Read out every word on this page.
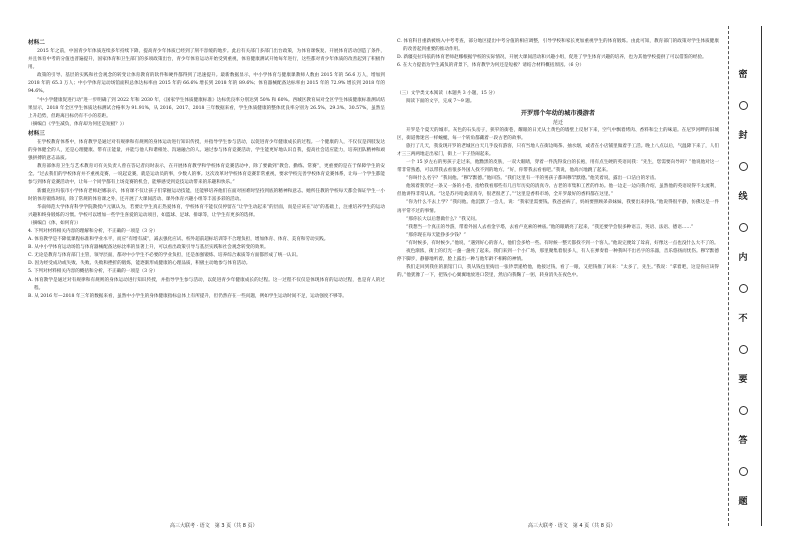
材料二

2015 年之前，中国青少年体质连续多年持续下降，提高青少年体质已经到了刻不容缓的地步。此后有关部门多部门出台政策，为体育课恢复、开展体育活动创造了条件，并且体育中考的分值也普遍提升，国家体育和卫生部门的多项政策出台，青少年体育运动开始受到重视，体育健康测试开始每年进行，这些都对青少年体质的改善起到了积极作用。

政策的引导、基层的实践和社会观念的转变让体育教育的软件和硬件都得到了迅速提升。最新数据显示，中小学体育与健康课教师人数由 2015 年的 56.6 万人，增加到 2018 年的 65.3 万人；中小学体育运动场馆面积总体达标率由 2015 年的 66.6% 增长到 2018 年的 89.6%；体育器械配备达标率由 2015 年的 72.9% 增长到 2018 年的 94.6%。

“中小学健康促进行动”进一步明确了到 2022 年和 2030 年，《国家学生体质健康标准》达标优良率分别达到 50% 和 60%。西城区教育局对全区学生体质健康标准测试结果显示，2018 年全区学生体质达标测试合格率为 91.91%，从 2016、2017、2018 三年数据来看，学生体质健康的整体优良率分别为 26.5%、29.3%、30.57%，虽然呈上升趋势，但距离目标仍有不小的差距。

（摘编自《学生减负，体育却为何还是短板？》）

材料三

在学校教育体系中，体育教学是通过对有规律和有规则的身体运动进行知识传授，并指导学生参与活动，以促进青少年健康成长的过程。一个健康的人，不仅仅是四肢发达的身体健全的人，还是心理健康、带有正能量，并能与他人和谐相处、沟通融合的人。通过参与体育竞赛活动，学生能更好地认识自我，提高社会适应能力，培养团队精神和顽强拼搏的意志品质。

教育部体育卫生与艺术教育司有关负责人曾在答记者问时表示，在开展体育教学和学校体育竞赛活动中，除了要做到“教会、勤练、常赛”，更重要的是在于保障学生的安全。“过去我们的学校体育并不重视竞赛，一说起竞赛，就是运动员的事，少数人的事。这次改革对学校体育竞赛非常重视，要求学校完善学校体育竞赛体系，让每一个学生都能参与到体育竞赛活动中，让每一个同学都有上场竞赛的机会，能够感受到竞技运动带来的乐趣和快乐。”

新疆克拉玛依市小学体育老师赵娜表示，体育课不仅让孩子们掌握运动技能，还能够培养他们在面对困难时坚持到底的精神和意志。她所任教的学校每天都会保证学生一小时的体育锻炼时间，除了常规的体育课之外，还开展了大课间活动、课外体育兴趣小组等丰富多彩的活动。

华南师范大学体育科学学院教授卢元镇认为，若要让学生真正热爱体育，学校体育不能仅仅停留在“让学生动起来”的层面，而是应该在“动”的基础上，注重培养学生的运动兴趣和终身锻炼的习惯。学校可以增加一些学生喜爱的运动项目，如篮球、足球、排球等，让学生有更多的选择。

（摘编自《体，如何育》）

4. 下列对材料相关内容的理解和分析，不正确的一项是（3 分）

A. 体育教学是不降低课程标准和学业水平，而应“有增有减”，减去强化应试、校外超前超标培训等不合理负担，增加体育、体育、美育和劳动实践。

B. 从中小学体育运动场馆与体育器械配备达标比率的显著上升，可以看出政策引导与基层实践和社会观念转变的效果。

C. 无论是教育与体育部门主管，领导层面，都对中小学生不必要的学业负担，还是加强锻炼、培养综合素质等方面都形成了统一认识。

D. 因为经受成功或失败、失败、失败和挫折的锻炼，能逐渐形成健康的心理品质，积极主动地参与体育活动。

5. 下列对材料相关内容的概括和分析，不正确的一项是（3 分）

A. 体育教学是通过对有规律和有规则的身体运动进行知识传授，并指导学生参与活动，以促进青少年健康成长的过程。这一过程不仅仅是体现体育的运动过程，也是育人的过程。

B. 从 2016 年—2018 年三年的数据来看，虽然中小学生的身体健康指标总体上有所提升，但仍然存在一些问题，例如学生运动时间不足，运动强度不够等。

C. 体育科目重新被纳入中考考查，部分地区提出中考分值的相应调整，引导学校和家长更加重视学生的体育锻炼。由此可知，教育部门的政策对学生体质健康的改善起到重要的推动作用。

D. 新疆克拉玛依的体育老师赵娜根据学校的实际情况，开展大课间活动和兴趣小组，促进了学生体育兴趣的培养，也为其他学校提供了可以借鉴的经验。

6. 在大力提倡为学生减负的背景下，体育教学为何还是短板？请结合材料概括原因。（6 分）

（三）文学类文本阅读（本题共 3 小题，15 分）

阅读下面的文字，完成 7～9 题。

开罗那个年幼的城市漫游者
范迁

开罗是个夏天的城市。灰色的石头房子，狭窄的街巷，耀眼的日光从土黄色的墙壁上反射下来，空气中飘着烤肉、香料和尘土的味道。在尼罗河畔的旧城区，街道像迷宫一样蜿蜒，每一个转角都藏着一段古老的故事。

旅行了几天，我发现开罗的老城区白天几乎没有游客，只有当地人在街边喝茶、抽水烟，或者在小店铺里做着手工活。晚上八点以后，气温降下来了，人们才三三两两地走出家门，街上一下子热闹起来。

一个 15 岁左右的男孩子走过来，他黝黑的皮肤，一双大眼睛，穿着一件洗得发白的长袍，用有点生硬的英语问我：“先生，您需要向导吗？”他说他对这一带非常熟悉，可以带我去看很多外国人找不到的地方。“好，你带我去看看吧。”我说，他高兴地跳了起来。

“你叫什么名字？”我问他。“穆罕默德。”他回答。“我们这里有一半的男孩子都叫穆罕默德。”他笑着说，露出一口洁白的牙齿。

他领着我穿过一条又一条的小巷，指给我看那些有几百年历史的清真寺、古老的市集和工匠的作坊。他一边走一边向我介绍，虽然他的英语说得不太流利，但他讲得非常认真。“这是苏丹哈桑清真寺，很老很老了。”“这里是香料市场，全开罗最好的香料都在这里。”

“你为什么不去上学？”我问他。他沉默了一会儿，说：“我家里需要钱。我爸爸病了，妈妈要照顾弟弟妹妹，我要出来挣钱。”他说得很平静，仿佛这是一件再平常不过的事情。

“那你长大以后想做什么？”我又问。

“我想当一个真正的导游，带着外国人去看金字塔，去看卢克索的神庙。”他的眼睛亮了起来，“我还要学会很多种语言，英语、法语、德语……”

“那你现在每天能挣多少钱？”

“有时候多，有时候少。”他说，“遇到好心的客人，他们会多给一些。有时候一整天都找不到一个客人。”他说完便耸了耸肩，好像这一点也没什么大不了的。

夜色渐浓，街上的灯光一盏一盏亮了起来。我们来到一个小广场，那里聚集着很多人，有人在弹奏着一种我叫不出名字的乐器，音乐悠扬而忧伤。穆罕默德停下脚步，静静地听着，脸上露出一种与他年龄不相称的神情。

我们走回到我住的旅馆门口，我从钱包里掏出一张钞票递给他，他接过钱，看了一眼，又把钱推了回来：“太多了，先生。”我说：“拿着吧，这是你应该得的。”他犹豫了一下，把钱小心翼翼地放进口袋里，然后向我鞠了一躬，转身消失在夜色中。

高三大联考 · 语文　第 3 页（共 8 页）	高三大联考 · 语文　第 4 页（共 8 页）
密
封
线
内
不
要
答
题
